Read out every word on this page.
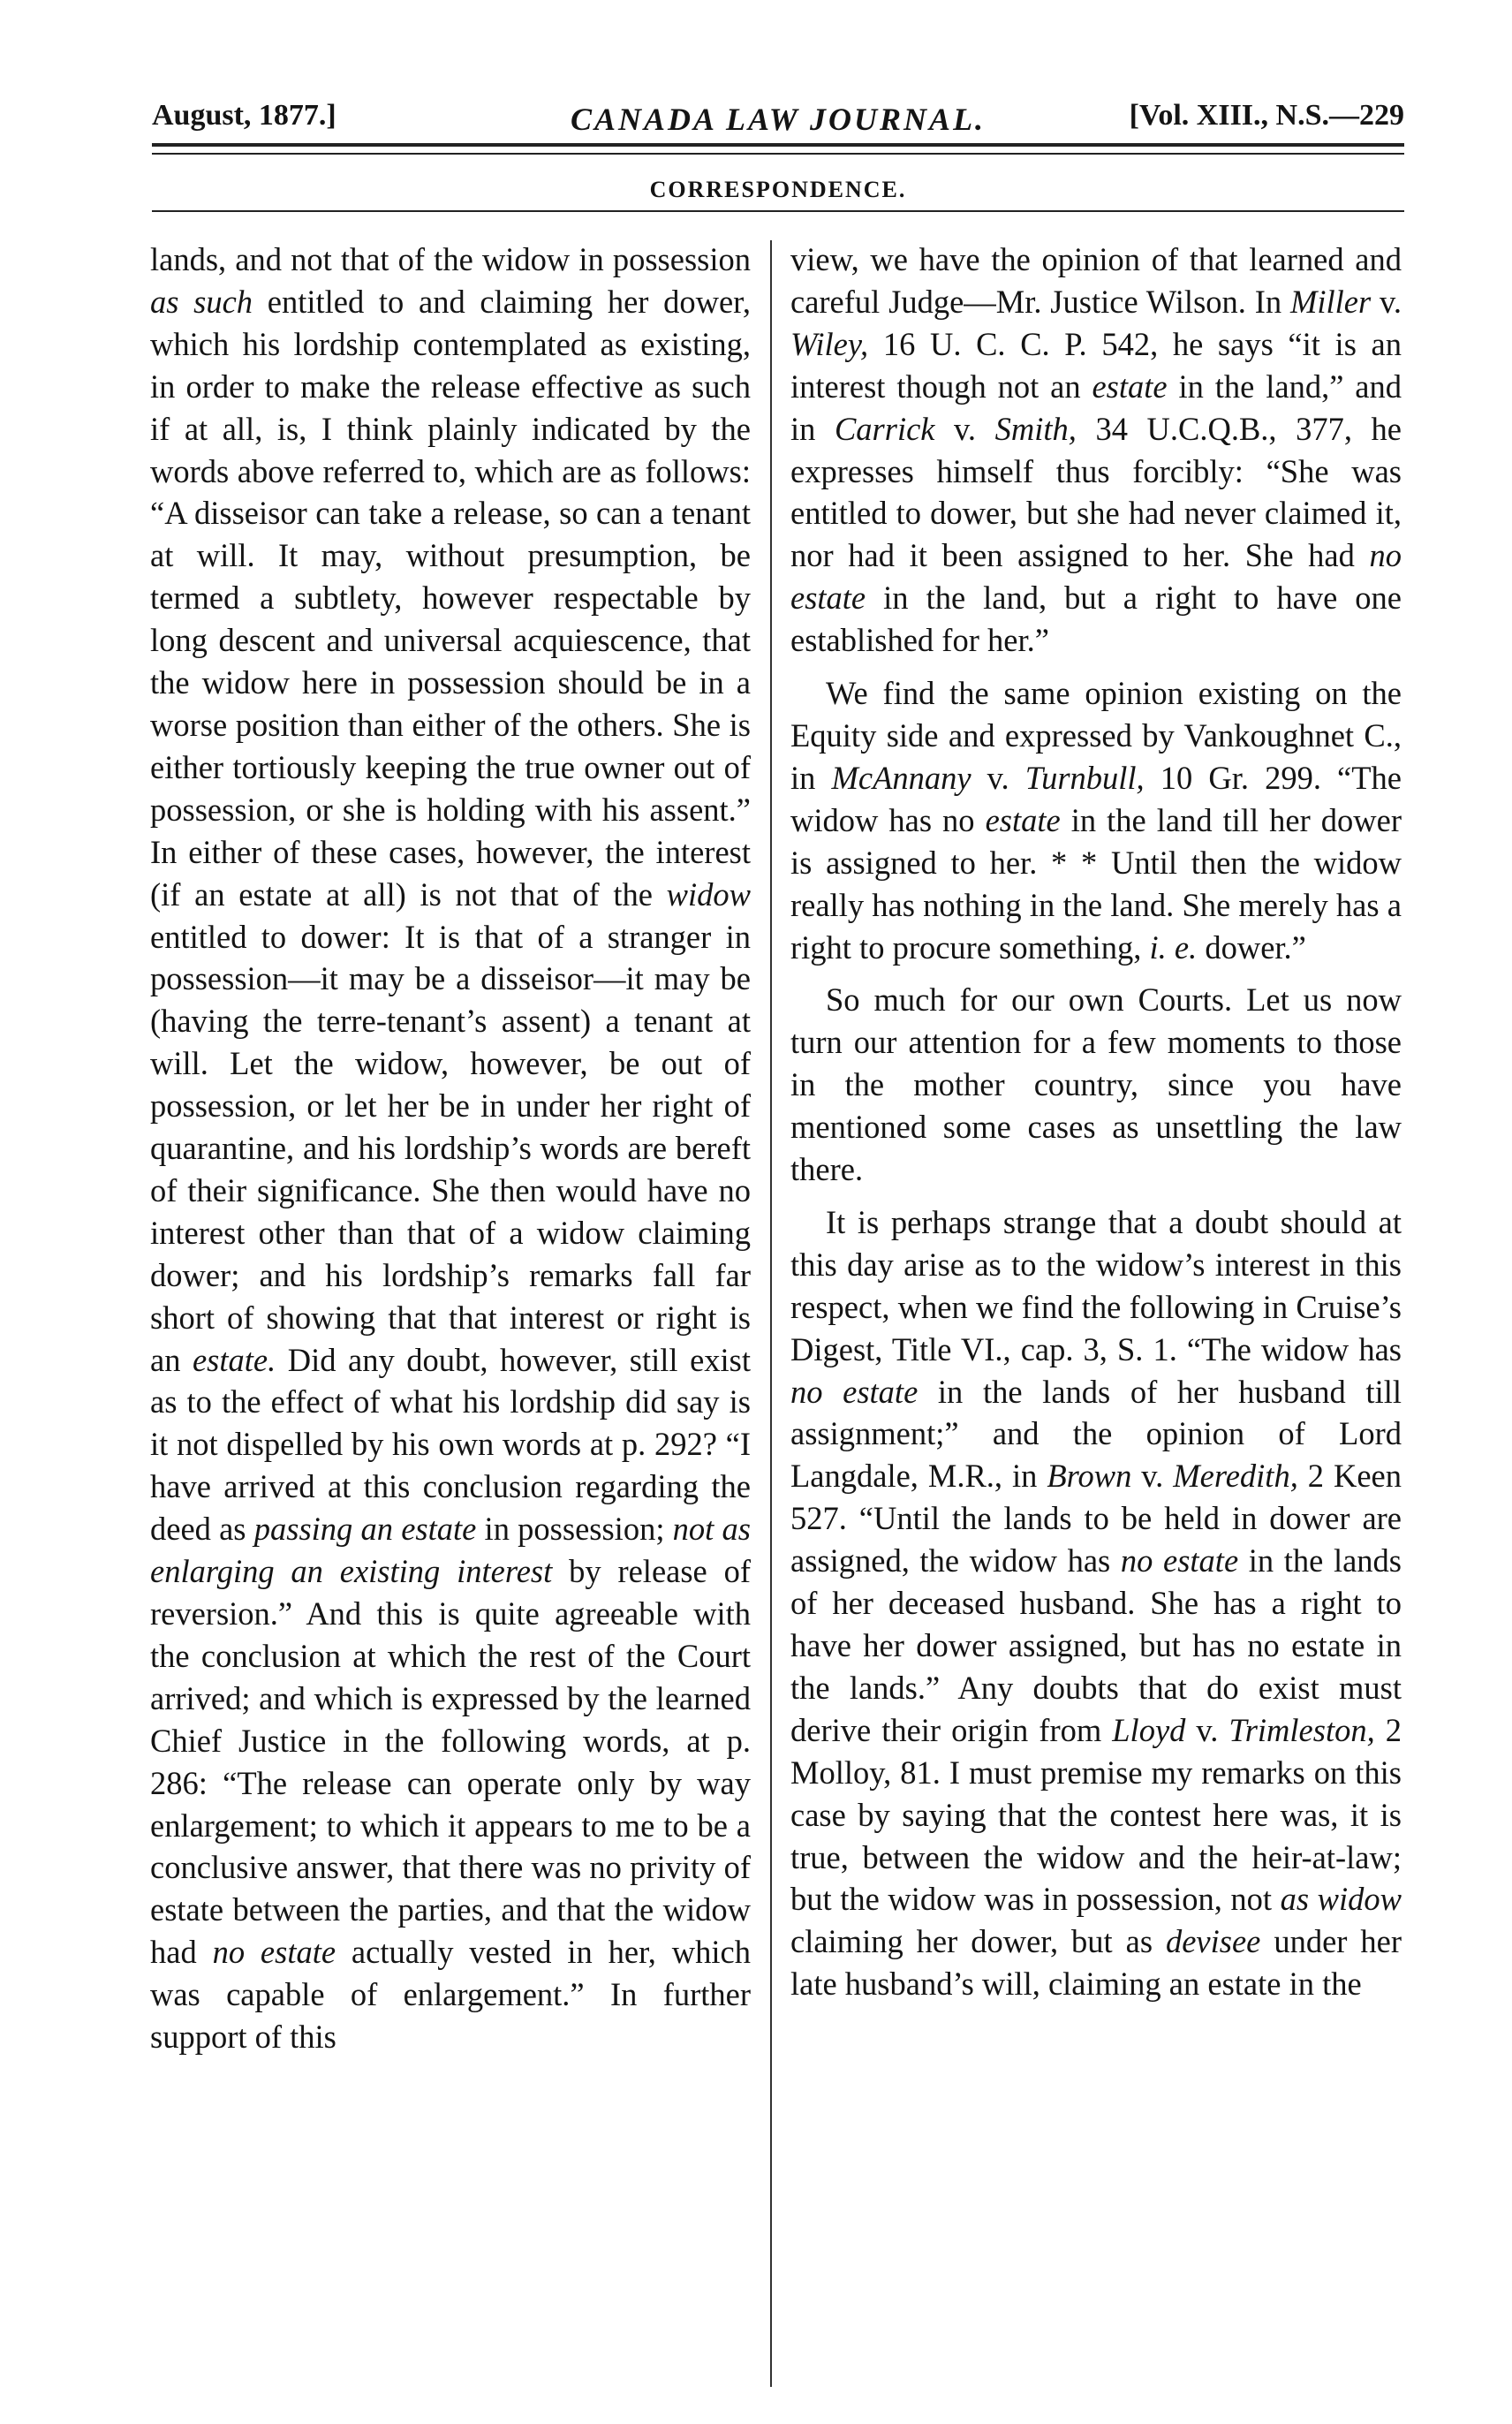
August, 1877.]	CANADA LAW JOURNAL.	[Vol. XIII., N.S.—229
CORRESPONDENCE.

lands, and not that of the widow in possession as such entitled to and claiming her dower, which his lordship contemplated as existing, in order to make the release effective as such if at all, is, I think plainly indicated by the words above referred to, which are as follows: “A disseisor can take a release, so can a tenant at will. It may, without presumption, be termed a subtlety, however respectable by long descent and universal acquiescence, that the widow here in possession should be in a worse position than either of the others. She is either tortiously keeping the true owner out of possession, or she is holding with his assent.” In either of these cases, however, the interest (if an estate at all) is not that of the widow entitled to dower: It is that of a stranger in possession—it may be a disseisor—it may be (having the terre-tenant’s assent) a tenant at will. Let the widow, however, be out of possession, or let her be in under her right of quarantine, and his lordship’s words are bereft of their significance. She then would have no interest other than that of a widow claiming dower; and his lordship’s remarks fall far short of showing that that interest or right is an estate. Did any doubt, however, still exist as to the effect of what his lordship did say is it not dispelled by his own words at p. 292? “I have arrived at this conclusion regarding the deed as passing an estate in possession; not as enlarging an existing interest by release of reversion.” And this is quite agreeable with the conclusion at which the rest of the Court arrived; and which is expressed by the learned Chief Justice in the following words, at p. 286: “The release can operate only by way enlargement; to which it appears to me to be a conclusive answer, that there was no privity of estate between the parties, and that the widow had no estate actually vested in her, which was capable of enlargement.” In further support of this

view, we have the opinion of that learned and careful Judge—Mr. Justice Wilson. In Miller v. Wiley, 16 U. C. C. P. 542, he says “it is an interest though not an estate in the land,” and in Carrick v. Smith, 34 U.C.Q.B., 377, he expresses himself thus forcibly: “She was entitled to dower, but she had never claimed it, nor had it been assigned to her. She had no estate in the land, but a right to have one established for her.”

We find the same opinion existing on the Equity side and expressed by Vankoughnet C., in McAnnany v. Turnbull, 10 Gr. 299. “The widow has no estate in the land till her dower is assigned to her. * * Until then the widow really has nothing in the land. She merely has a right to procure something, i. e. dower.”

So much for our own Courts. Let us now turn our attention for a few moments to those in the mother country, since you have mentioned some cases as unsettling the law there.

It is perhaps strange that a doubt should at this day arise as to the widow’s interest in this respect, when we find the following in Cruise’s Digest, Title VI., cap. 3, S. 1. “The widow has no estate in the lands of her husband till assignment;” and the opinion of Lord Langdale, M.R., in Brown v. Meredith, 2 Keen 527. “Until the lands to be held in dower are assigned, the widow has no estate in the lands of her deceased husband. She has a right to have her dower assigned, but has no estate in the lands.” Any doubts that do exist must derive their origin from Lloyd v. Trimleston, 2 Molloy, 81. I must premise my remarks on this case by saying that the contest here was, it is true, between the widow and the heir-at-law; but the widow was in possession, not as widow claiming her dower, but as devisee under her late husband’s will, claiming an estate in the
